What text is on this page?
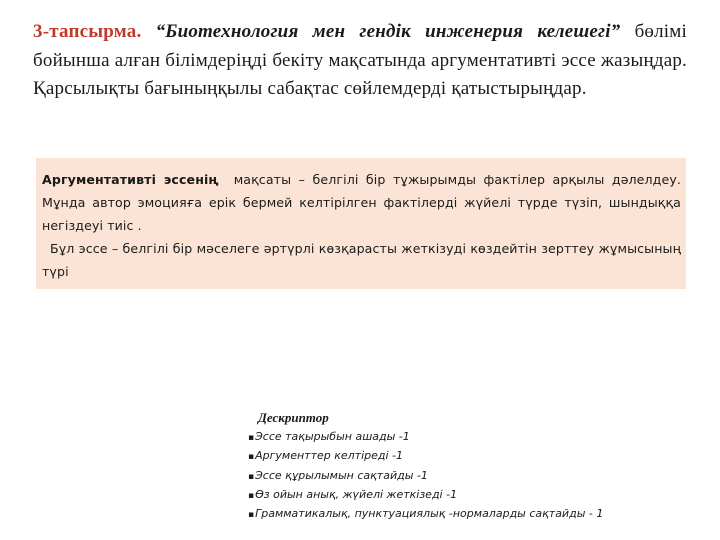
3-тапсырма. “Биотехнология мен гендік инженерия келешегі” бөлімі бойынша алған білімдеріңді бекіту мақсатында аргументативті эссе жазыңдар. Қарсылықты бағыныңқылы сабақтас сөйлемдерді қатыстырыңдар.

Аргументативті эссенің мақсаты – белгілі бір тұжырымды фактілер арқылы дәлелдеу. Мұнда автор эмоцияға ерік бермей келтірілген фактілерді жүйелі түрде түзіп, шындыққа негіздеуі тиіс .

Бұл эссе – белгілі бір мәселеге әртүрлі көзқарасты жеткізуді көздейтін зерттеу жұмысының түрі

Дескриптор
▪ Эссе тақырыбын ашады -1
▪ Аргументтер келтіреді -1
▪ Эссе құрылымын сақтайды -1
▪ Өз ойын анық, жүйелі жеткізеді -1
▪ Грамматикалық, пунктуациялық -нормаларды сақтайды - 1
